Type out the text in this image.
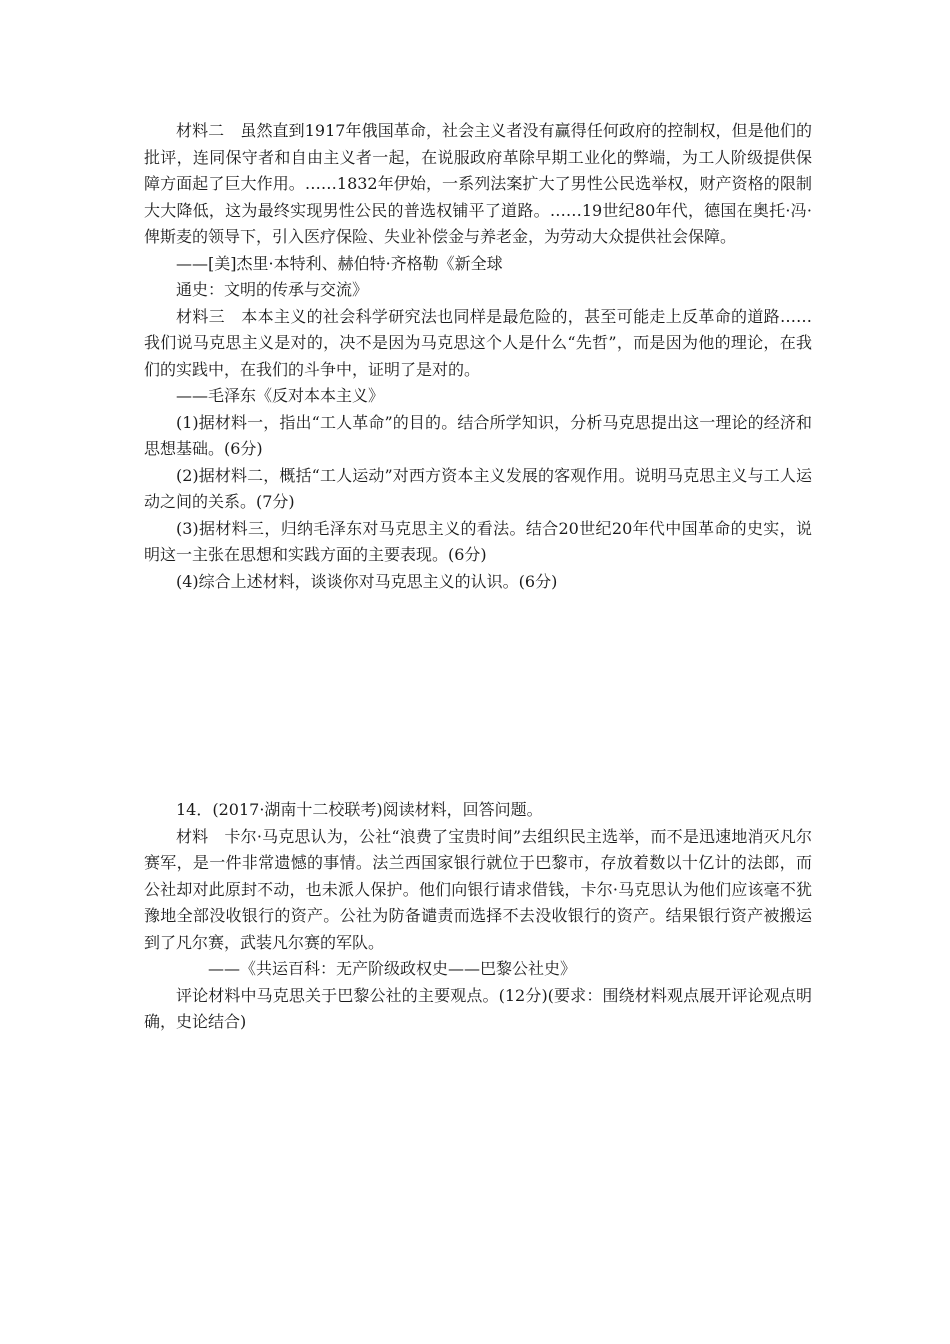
材料二　虽然直到1917年俄国革命，社会主义者没有赢得任何政府的控制权，但是他们的批评，连同保守者和自由主义者一起，在说服政府革除早期工业化的弊端，为工人阶级提供保障方面起了巨大作用。……1832年伊始，一系列法案扩大了男性公民选举权，财产资格的限制大大降低，这为最终实现男性公民的普选权铺平了道路。……19世纪80年代，德国在奥托·冯·俾斯麦的领导下，引入医疗保险、失业补偿金与养老金，为劳动大众提供社会保障。

——[美]杰里·本特利、赫伯特·齐格勒《新全球

通史：文明的传承与交流》

材料三　本本主义的社会科学研究法也同样是最危险的，甚至可能走上反革命的道路……我们说马克思主义是对的，决不是因为马克思这个人是什么“先哲”，而是因为他的理论，在我们的实践中，在我们的斗争中，证明了是对的。

——毛泽东《反对本本主义》

(1)据材料一，指出“工人革命”的目的。结合所学知识，分析马克思提出这一理论的经济和思想基础。(6分)

(2)据材料二，概括“工人运动”对西方资本主义发展的客观作用。说明马克思主义与工人运动之间的关系。(7分)

(3)据材料三，归纳毛泽东对马克思主义的看法。结合20世纪20年代中国革命的史实，说明这一主张在思想和实践方面的主要表现。(6分)

(4)综合上述材料，谈谈你对马克思主义的认识。(6分)

14．(2017·湖南十二校联考)阅读材料，回答问题。

材料　卡尔·马克思认为，公社“浪费了宝贵时间”去组织民主选举，而不是迅速地消灭凡尔赛军，是一件非常遗憾的事情。法兰西国家银行就位于巴黎市，存放着数以十亿计的法郎，而公社却对此原封不动，也未派人保护。他们向银行请求借钱，卡尔·马克思认为他们应该毫不犹豫地全部没收银行的资产。公社为防备谴责而选择不去没收银行的资产。结果银行资产被搬运到了凡尔赛，武装凡尔赛的军队。

——《共运百科：无产阶级政权史——巴黎公社史》

评论材料中马克思关于巴黎公社的主要观点。(12分)(要求：围绕材料观点展开评论观点明确，史论结合)
